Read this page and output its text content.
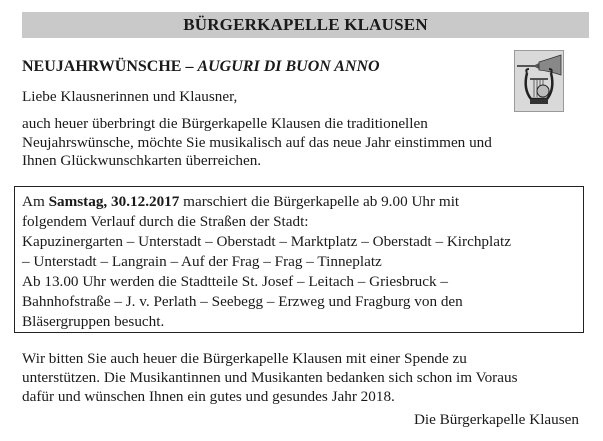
BÜRGERKAPELLE KLAUSEN
NEUJAHRWÜNSCHE – AUGURI DI BUON ANNO

Liebe Klausnerinnen und Klausner,

auch heuer überbringt die Bürgerkapelle Klausen die traditionellen
Neujahrswünsche, möchte Sie musikalisch auf das neue Jahr einstimmen und
Ihnen Glückwunschkarten überreichen.

Am Samstag, 30.12.2017 marschiert die Bürgerkapelle ab 9.00 Uhr mit
folgendem Verlauf durch die Straßen der Stadt:
Kapuzinergarten – Unterstadt – Oberstadt – Marktplatz – Oberstadt – Kirchplatz
– Unterstadt – Langrain – Auf der Frag – Frag – Tinneplatz
Ab 13.00 Uhr werden die Stadtteile St. Josef – Leitach – Griesbruck –
Bahnhofstraße – J. v. Perlath – Seebegg – Erzweg und Fragburg von den
Bläsergruppen besucht.

Wir bitten Sie auch heuer die Bürgerkapelle Klausen mit einer Spende zu
unterstützen. Die Musikantinnen und Musikanten bedanken sich schon im Voraus
dafür und wünschen Ihnen ein gutes und gesundes Jahr 2018.

Die Bürgerkapelle Klausen
